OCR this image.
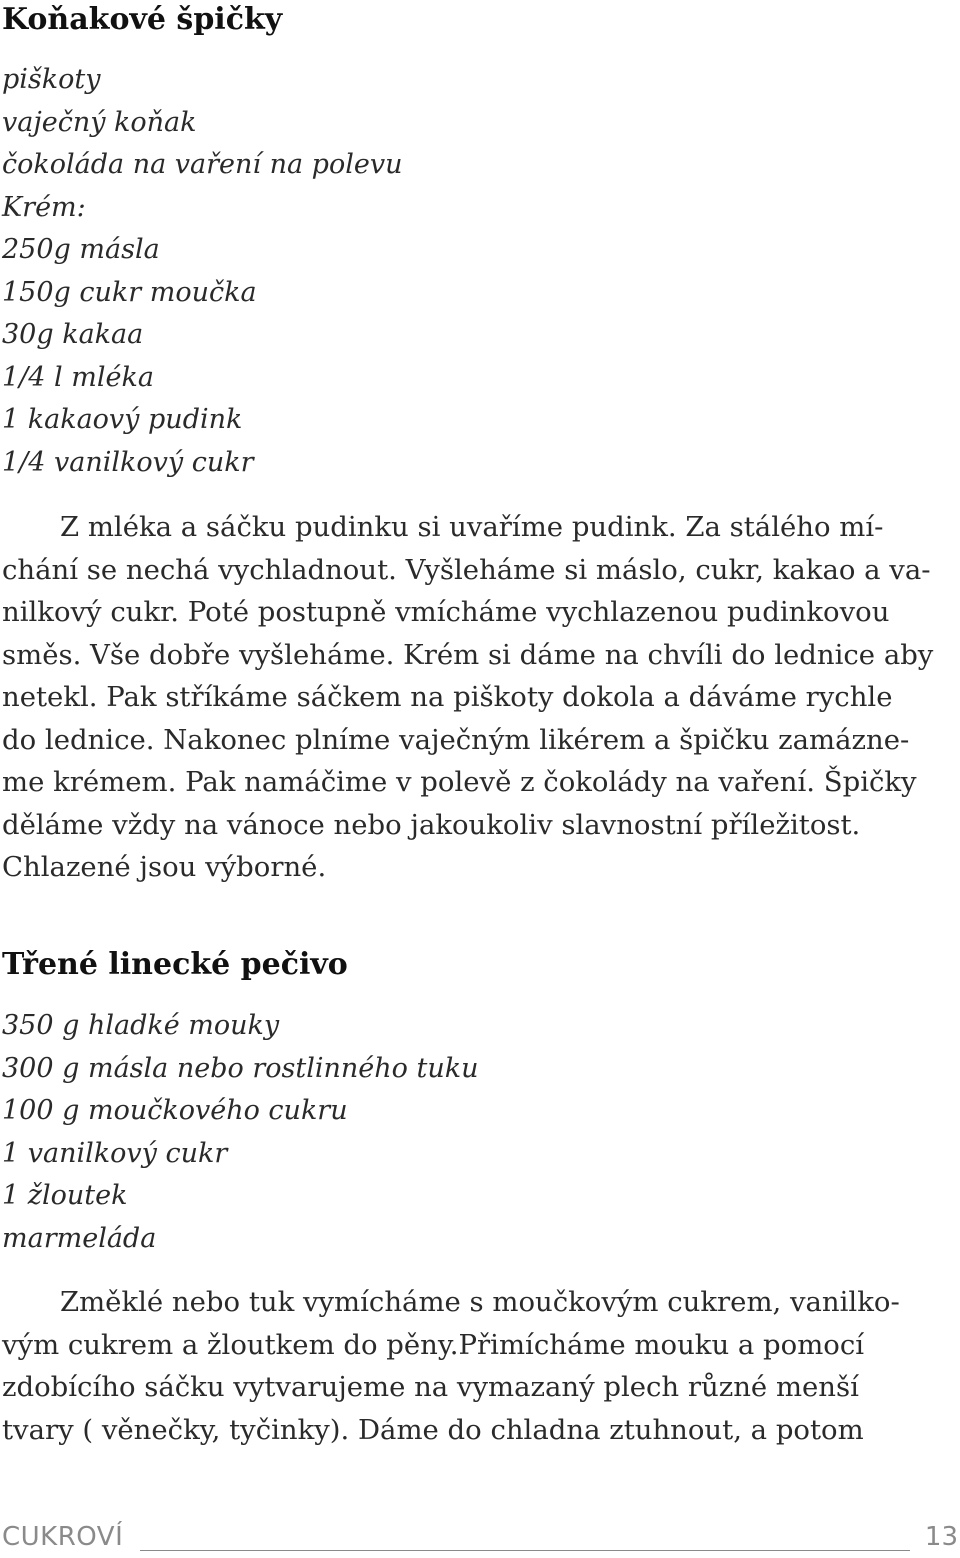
Koňakové špičky
piškoty
vaječný koňak
čokoláda na vaření na polevu
Krém:
250g másla
150g cukr moučka
30g kakaa
1/4 l mléka
1 kakaový pudink
1/4 vanilkový cukr

Z mléka a sáčku pudinku si uvaříme pudink. Za stálého mí-
chání se nechá vychladnout. Vyšleháme si máslo, cukr, kakao a va-
nilkový cukr. Poté postupně vmícháme vychlazenou pudinkovou
směs. Vše dobře vyšleháme. Krém si dáme na chvíli do lednice aby
netekl. Pak stříkáme sáčkem na piškoty dokola a dáváme rychle
do lednice. Nakonec plníme vaječným likérem a špičku zamázne-
me krémem. Pak namáčime v polevě z čokolády na vaření. Špičky
děláme vždy na vánoce nebo jakoukoliv slavnostní příležitost.
Chlazené jsou výborné.

Třené linecké pečivo
350 g hladké mouky
300 g másla nebo rostlinného tuku
100 g moučkového cukru
1 vanilkový cukr
1 žloutek
marmeláda

Změklé nebo tuk vymícháme s moučkovým cukrem, vanilko-
vým cukrem a žloutkem do pěny.Přimícháme mouku a pomocí
zdobícího sáčku vytvarujeme na vymazaný plech různé menší
tvary ( věnečky, tyčinky). Dáme do chladna ztuhnout, a potom

CUKROVÍ	13
